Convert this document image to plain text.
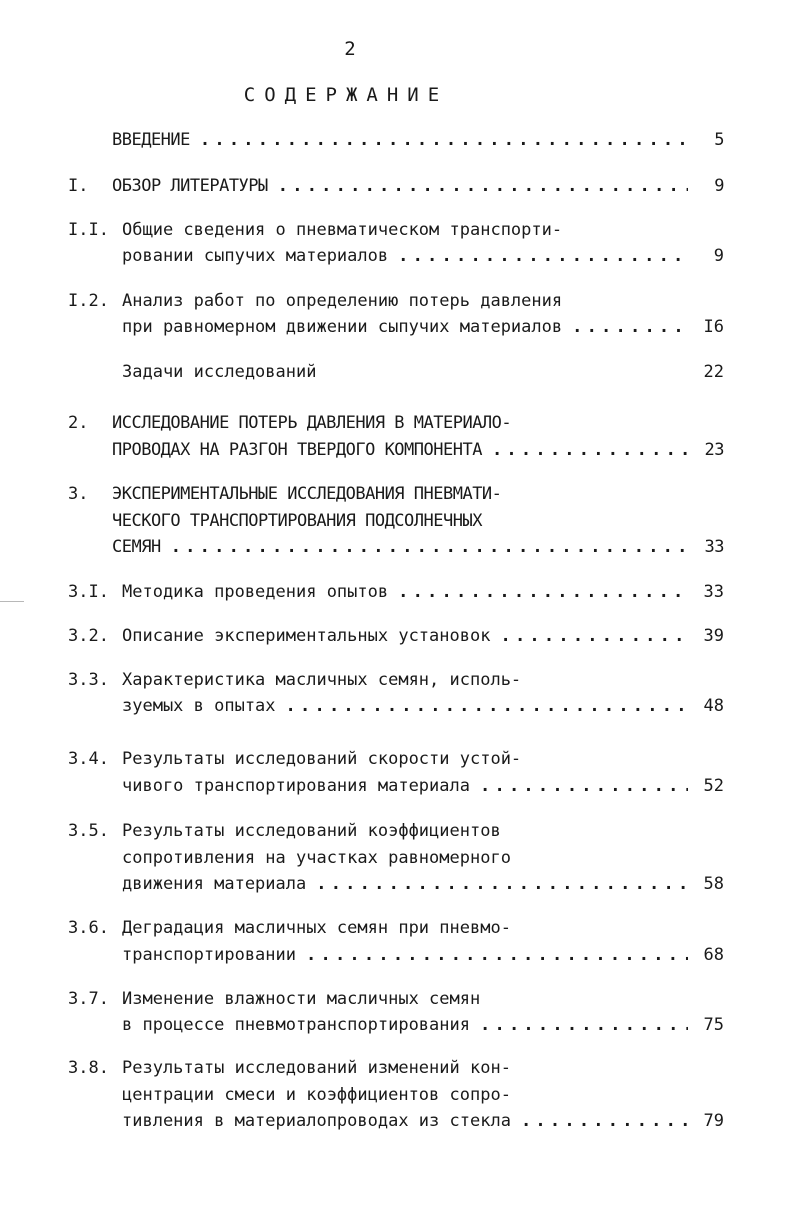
2
СОДЕРЖАНИЕ
ВВЕДЕНИЕ . . .	5
I. ОБЗОР ЛИТЕРАТУРЫ . . .	9
I.I. Общие сведения о пневматическом транспорти-
ровании сыпучих материалов . . .	9
I.2. Анализ работ по определению потерь давления
при равномерном движении сыпучих материалов . . .	I6
Задачи исследований	22
2. ИССЛЕДОВАНИЕ ПОТЕРЬ ДАВЛЕНИЯ В МАТЕРИАЛО-
ПРОВОДАХ НА РАЗГОН ТВЕРДОГО КОМПОНЕНТА . . .	23
3. ЭКСПЕРИМЕНТАЛЬНЫЕ ИССЛЕДОВАНИЯ ПНЕВМАТИ-
ЧЕСКОГО ТРАНСПОРТИРОВАНИЯ ПОДСОЛНЕЧНЫХ
СЕМЯН . . .	33
3.I. Методика проведения опытов . . .	33
3.2. Описание экспериментальных установок . . .	39
3.3. Характеристика масличных семян, исполь-
зуемых в опытах . . .	48
3.4. Результаты исследований скорости устой-
чивого транспортирования материала . . .	52
3.5. Результаты исследований коэффициентов
сопротивления на участках равномерного
движения материала . . .	58
3.6. Деградация масличных семян при пневмо-
транспортировании . . .	68
3.7. Изменение влажности масличных семян
в процессе пневмотранспортирования . . .	75
3.8. Результаты исследований изменений кон-
центрации смеси и коэффициентов сопро-
тивления в материалопроводах из стекла . . .	79
